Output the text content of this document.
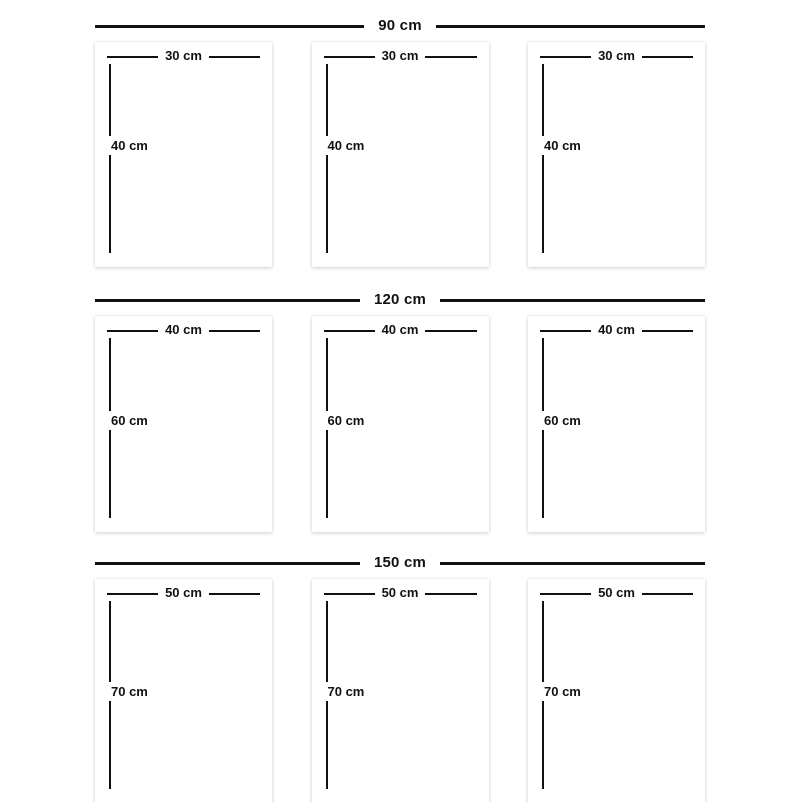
90 cm
30 cm
40 cm
30 cm
40 cm
30 cm
40 cm
120 cm
40 cm
60 cm
40 cm
60 cm
40 cm
60 cm
150 cm
50 cm
70 cm
50 cm
70 cm
50 cm
70 cm
